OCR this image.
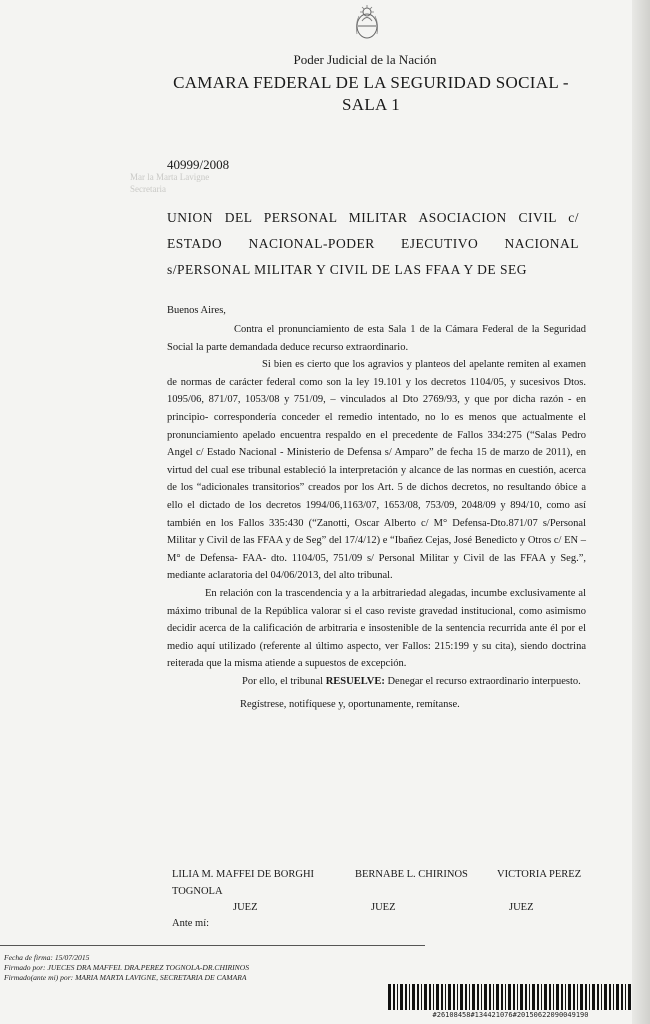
Poder Judicial de la Nación
CAMARA FEDERAL DE LA SEGURIDAD SOCIAL -
SALA 1
Mar la Marta Lavigne
Secretaria
40999/2008
UNION DEL PERSONAL MILITAR ASOCIACION CIVIL c/
ESTADO NACIONAL-PODER EJECUTIVO NACIONAL
s/PERSONAL MILITAR Y CIVIL DE LAS FFAA Y DE SEG
Buenos Aires,

Contra el pronunciamiento de esta Sala 1 de la Cámara Federal de la Seguridad Social la parte demandada deduce recurso extraordinario.

Si bien es cierto que los agravios y planteos del apelante remiten al examen de normas de carácter federal como son la ley 19.101 y los decretos 1104/05, y sucesivos Dtos. 1095/06, 871/07, 1053/08 y 751/09, – vinculados al Dto 2769/93, y que por dicha razón - en principio- correspondería conceder el remedio intentado, no lo es menos que actualmente el pronunciamiento apelado encuentra respaldo en el precedente de Fallos 334:275 (“Salas Pedro Angel c/ Estado Nacional - Ministerio de Defensa s/ Amparo” de fecha 15 de marzo de 2011), en virtud del cual ese tribunal estableció la interpretación y alcance de las normas en cuestión, acerca de los “adicionales transitorios” creados por los Art. 5 de dichos decretos, no resultando óbice a ello el dictado de los decretos 1994/06,1163/07, 1653/08, 753/09, 2048/09 y 894/10, como así también en los Fallos 335:430 (“Zanotti, Oscar Alberto c/ M° Defensa-Dto.871/07 s/Personal Militar y Civil de las FFAA y de Seg” del 17/4/12) e “Ibañez Cejas, José Benedicto y Otros c/ EN –M° de Defensa- FAA- dto. 1104/05, 751/09 s/ Personal Militar y Civil de las FFAA y Seg.”, mediante aclaratoria del 04/06/2013, del alto tribunal.

En relación con la trascendencia y a la arbitrariedad alegadas, incumbe exclusivamente al máximo tribunal de la República valorar si el caso reviste gravedad institucional, como asimismo decidir acerca de la calificación de arbitraria e insostenible de la sentencia recurrida ante él por el medio aquí utilizado (referente al último aspecto, ver Fallos: 215:199 y su cita), siendo doctrina reiterada que la misma atiende a supuestos de excepción.

Por ello, el tribunal RESUELVE: Denegar el recurso extraordinario interpuesto.

Regístrese, notifíquese y, oportunamente, remítanse.

LILIA M. MAFFEI DE BORGHI
TOGNOLA
BERNABE L. CHIRINOS	VICTORIA PEREZ
JUEZ	JUEZ	JUEZ
Ante mí:
Fecha de firma: 15/07/2015
Firmado por: JUECES DRA MAFFEI. DRA.PEREZ TOGNOLA-DR.CHIRINOS
Firmado(ante mi) por: MARIA MARTA LAVIGNE, SECRETARIA DE CAMARA
#26108458#134421076#20150622090049190
